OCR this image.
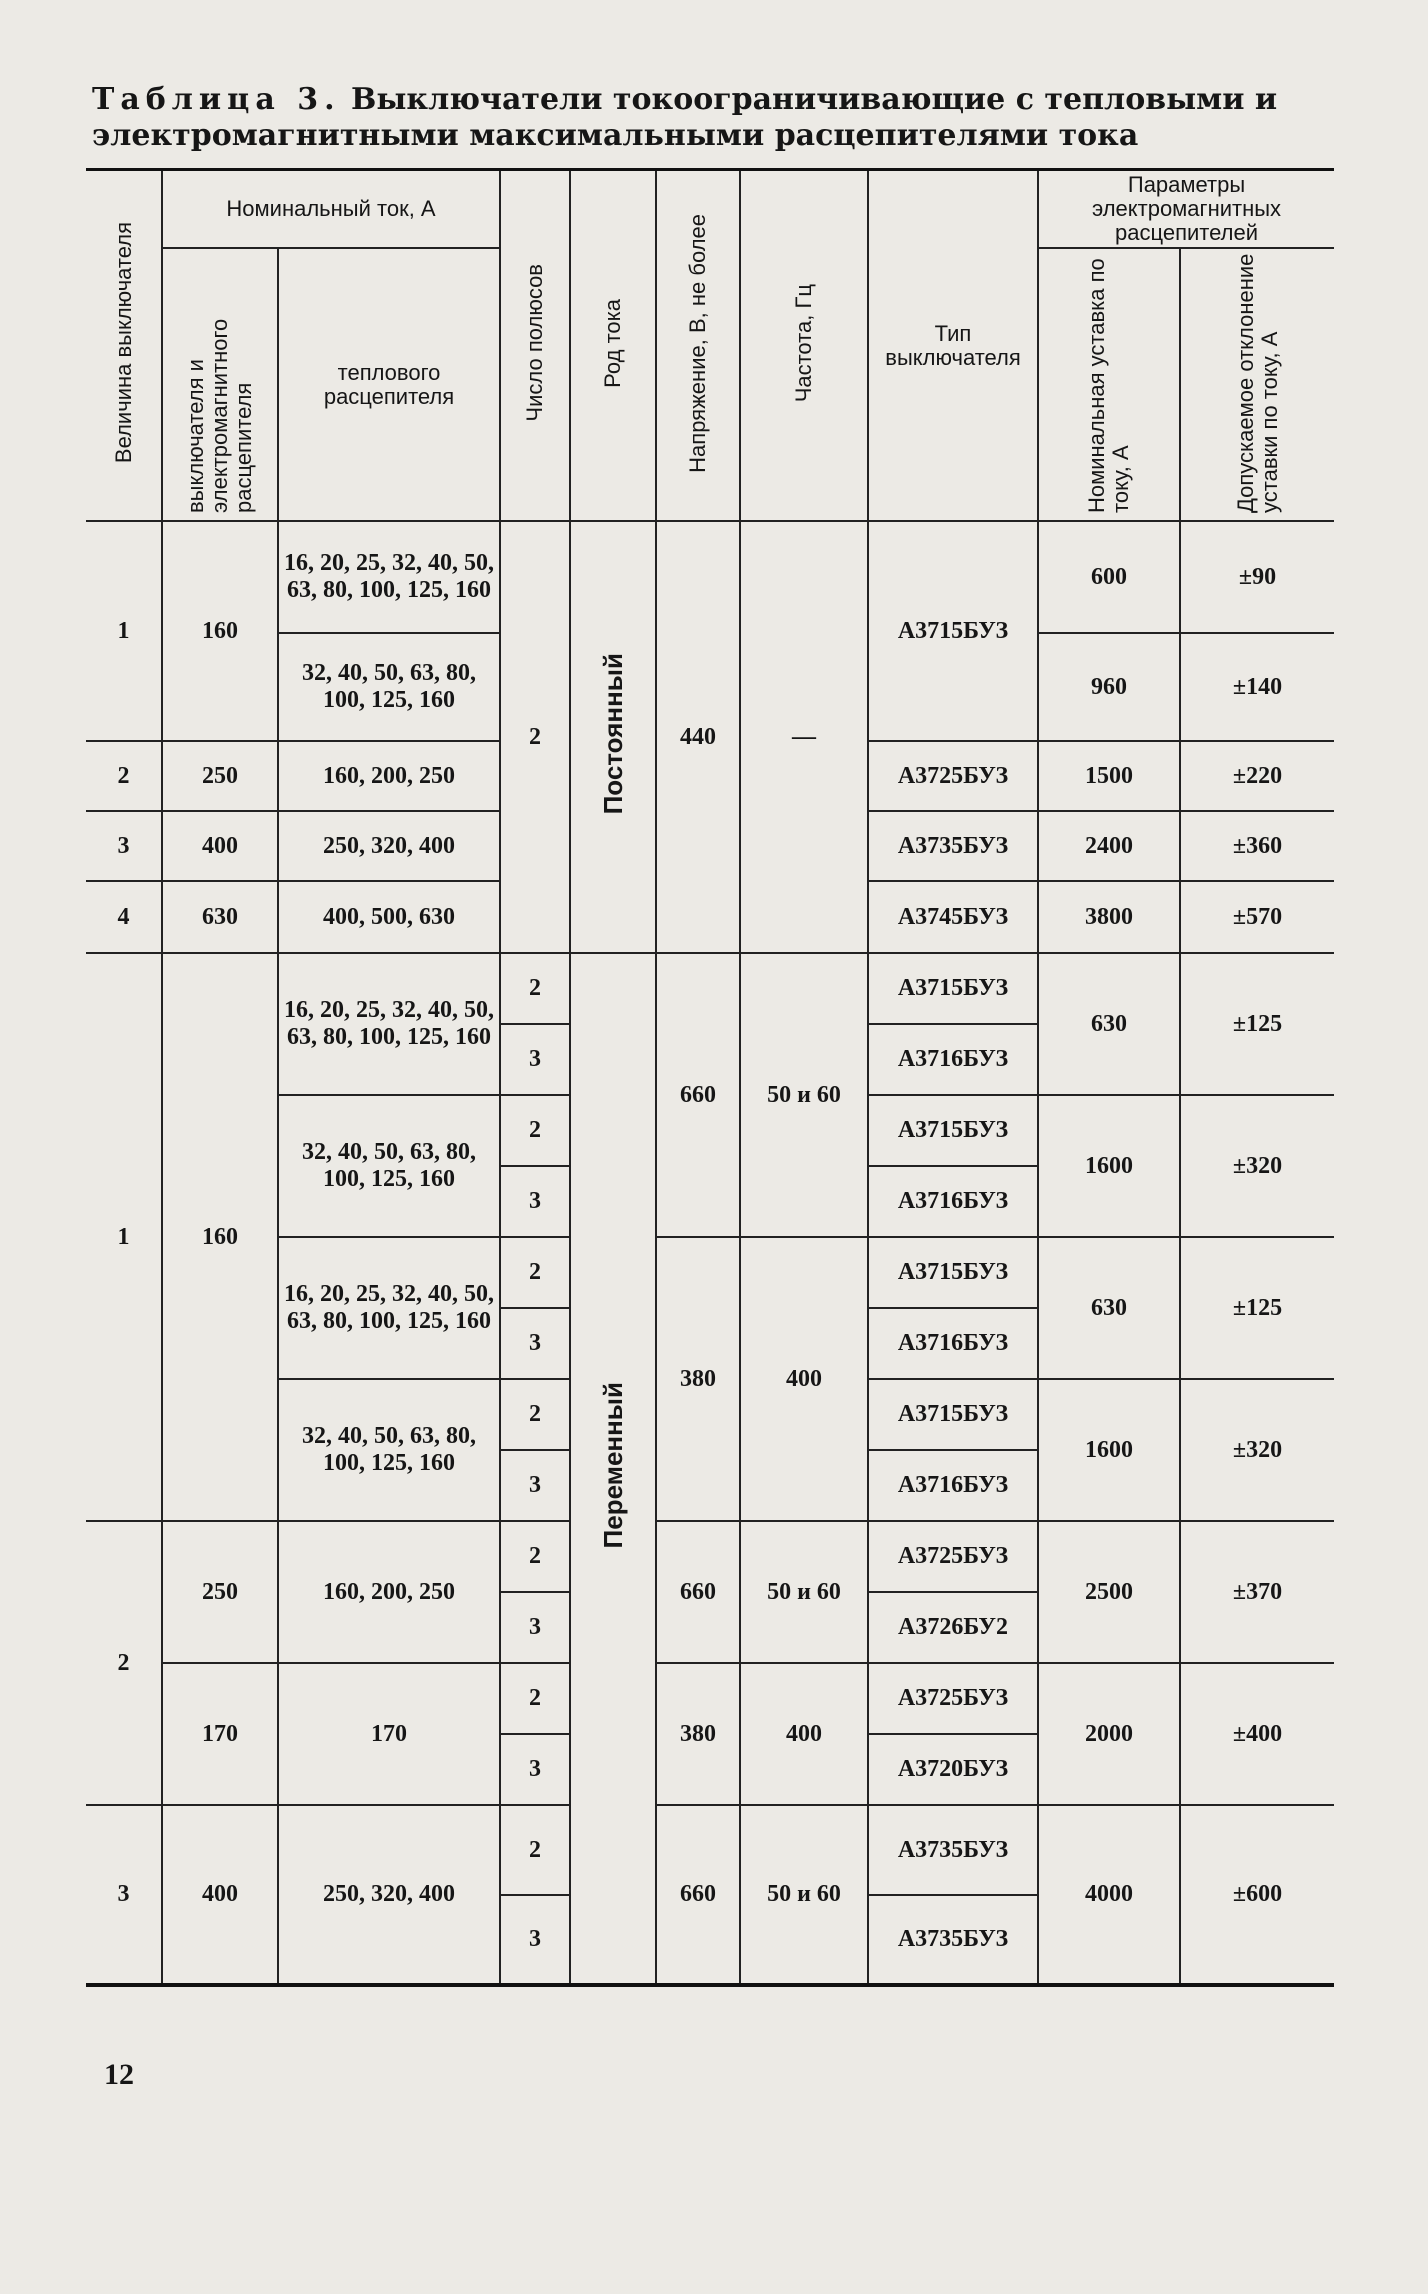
Таблица 3. Выключатели токоограничивающие с тепловыми и электромагнитными максимальными расцепителями тока
Величина выключателя	Номинальный ток, А		Число полюсов	Род тока	Напряжение, В, не более	Частота, Гц	Тип выключателя	Параметры электромагнитных расцепителей	
	выключателя и электромагнитного расцепителя	теплового расцепителя						Номинальная уставка по току, А	Допускаемое отклонение уставки по току, А
1	160	16, 20, 25, 32, 40, 50, 63, 80, 100, 125, 160	2	Постоянный	440	—	А3715БУЗ	600	±90
		32, 40, 50, 63, 80, 100, 125, 160						960	±140
2	250	160, 200, 250					А3725БУЗ	1500	±220
3	400	250, 320, 400					А3735БУЗ	2400	±360
4	630	400, 500, 630					А3745БУЗ	3800	±570
1	160	16, 20, 25, 32, 40, 50, 63, 80, 100, 125, 160	2	Переменный	660	50 и 60	А3715БУЗ	630	±125
			3				А3716БУЗ		
		32, 40, 50, 63, 80, 100, 125, 160	2				А3715БУЗ	1600	±320
			3				А3716БУЗ		
		16, 20, 25, 32, 40, 50, 63, 80, 100, 125, 160	2		380	400	А3715БУЗ	630	±125
			3				А3716БУЗ		
		32, 40, 50, 63, 80, 100, 125, 160	2				А3715БУЗ	1600	±320
			3				А3716БУЗ		
2	250	160, 200, 250	2		660	50 и 60	А3725БУЗ	2500	±370
			3				А3726БУ2		
	170	170	2		380	400	А3725БУЗ	2000	±400
			3				А3720БУЗ		
3	400	250, 320, 400	2		660	50 и 60	А3735БУЗ	4000	±600
			3				А3735БУЗ		
12
